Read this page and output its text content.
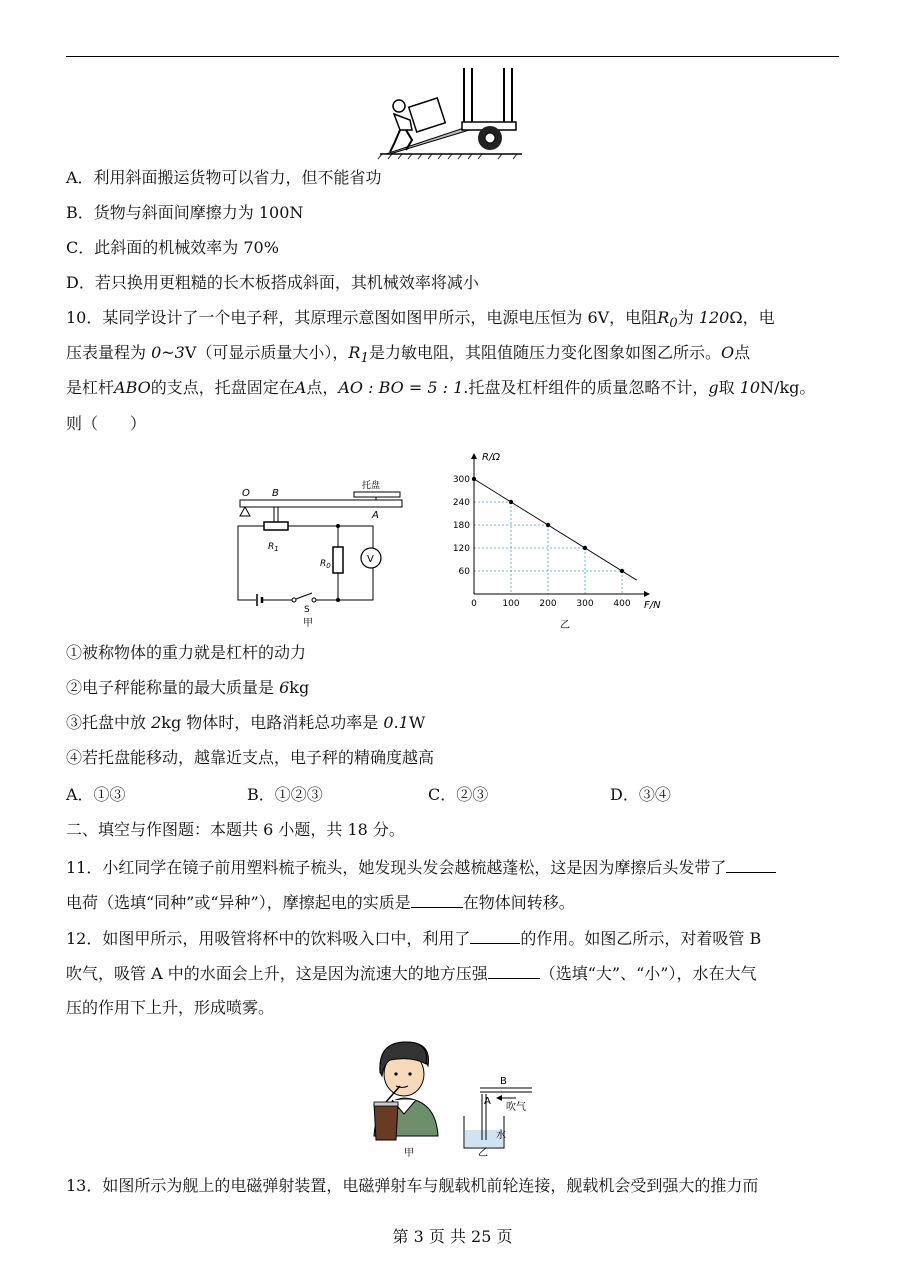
A．利用斜面搬运货物可以省力，但不能省功
B．货物与斜面间摩擦力为 100N
C．此斜面的机械效率为 70%
D．若只换用更粗糙的长木板搭成斜面，其机械效率将减小
10．某同学设计了一个电子秤，其原理示意图如图甲所示，电源电压恒为 6V，电阻$R_0$为 120Ω，电
压表量程为 0~3V（可显示质量大小），$R_1$是力敏电阻，其阻值随压力变化图象如图乙所示。O点
是杠杆ABO的支点，托盘固定在A点，AO : BO = 5 : 1.托盘及杠杆组件的质量忽略不计，g取 10N/kg。
则（　　）
O B
托盘
A
$R_1$
S
$R_0$
V
甲
0	100 200 300 400
60
120
180
240
300
R/Ω
F/N
乙
①被称物体的重力就是杠杆的动力
②电子秤能称量的最大质量是 6kg
③托盘中放 2kg 物体时，电路消耗总功率是 0.1W
④若托盘能移动，越靠近支点，电子秤的精确度越高
A．①③	B．①②③	C．②③	D．③④
二、填空与作图题：本题共 6 小题，共 18 分。
11．小红同学在镜子前用塑料梳子梳头，她发现头发会越梳越蓬松，这是因为摩擦后头发带了
电荷（选填“同种”或“异种”），摩擦起电的实质是	在物体间转移。
12．如图甲所示，用吸管将杯中的饮料吸入口中，利用了	的作用。如图乙所示，对着吸管 B
吹气，吸管 A 中的水面会上升，这是因为流速大的地方压强	（选填“大”、“小”），水在大气
压的作用下上升，形成喷雾。
甲
B
A
吹气
水
乙
13．如图所示为舰上的电磁弹射装置，电磁弹射车与舰载机前轮连接，舰载机会受到强大的推力而
第 3 页 共 25 页
